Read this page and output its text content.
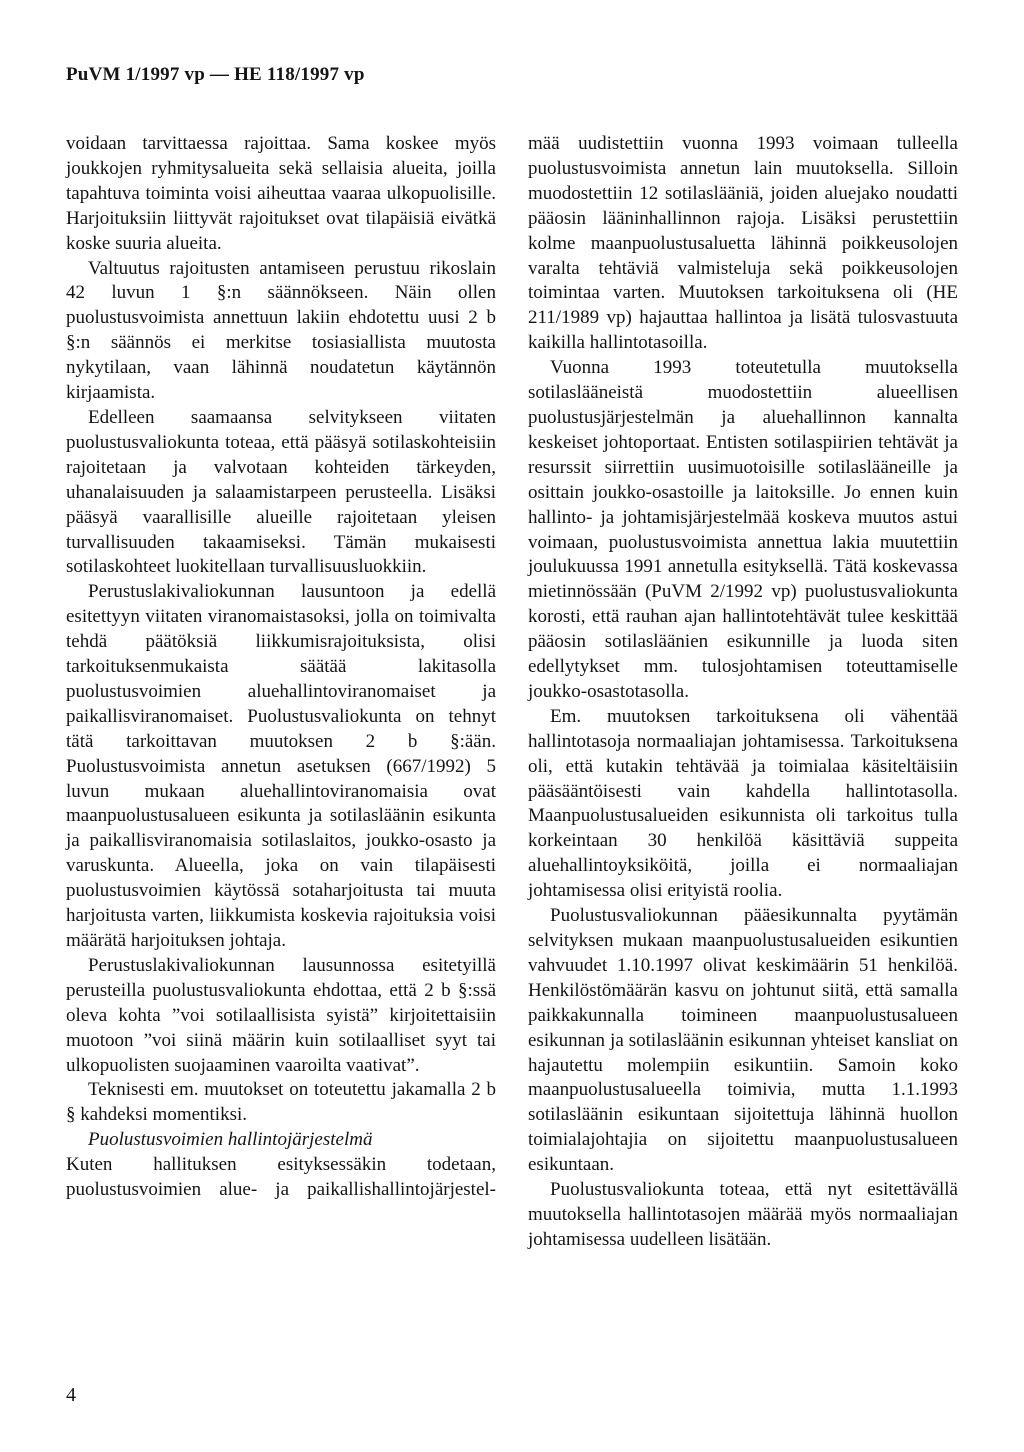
PuVM 1/1997 vp — HE 118/1997 vp

voidaan tarvittaessa rajoittaa. Sama koskee myös joukkojen ryhmitysalueita sekä sellaisia alueita, joilla tapahtuva toiminta voisi aiheuttaa vaaraa ulkopuolisille. Harjoituksiin liittyvät rajoitukset ovat tilapäisiä eivätkä koske suuria alueita.

Valtuutus rajoitusten antamiseen perustuu rikoslain 42 luvun 1 §:n säännökseen. Näin ollen puolustusvoimista annettuun lakiin ehdotettu uusi 2 b §:n säännös ei merkitse tosiasiallista muutosta nykytilaan, vaan lähinnä noudatetun käytännön kirjaamista.

Edelleen saamaansa selvitykseen viitaten puolustusvaliokunta toteaa, että pääsyä sotilaskohteisiin rajoitetaan ja valvotaan kohteiden tärkeyden, uhanalaisuuden ja salaamistarpeen perusteella. Lisäksi pääsyä vaarallisille alueille rajoitetaan yleisen turvallisuuden takaamiseksi. Tämän mukaisesti sotilaskohteet luokitellaan turvallisuusluokkiin.

Perustuslakivaliokunnan lausuntoon ja edellä esitettyyn viitaten viranomaistasoksi, jolla on toimivalta tehdä päätöksiä liikkumisrajoituksista, olisi tarkoituksenmukaista säätää lakitasolla puolustusvoimien aluehallintoviranomaiset ja paikallisviranomaiset. Puolustusvaliokunta on tehnyt tätä tarkoittavan muutoksen 2 b §:ään. Puolustusvoimista annetun asetuksen (667/1992) 5 luvun mukaan aluehallintoviranomaisia ovat maanpuolustusalueen esikunta ja sotilasläänin esikunta ja paikallisviranomaisia sotilaslaitos, joukko-osasto ja varuskunta. Alueella, joka on vain tilapäisesti puolustusvoimien käytössä sotaharjoitusta tai muuta harjoitusta varten, liikkumista koskevia rajoituksia voisi määrätä harjoituksen johtaja.

Perustuslakivaliokunnan lausunnossa esitetyillä perusteilla puolustusvaliokunta ehdottaa, että 2 b §:ssä oleva kohta ”voi sotilaallisista syistä” kirjoitettaisiin muotoon ”voi siinä määrin kuin sotilaalliset syyt tai ulkopuolisten suojaaminen vaaroilta vaativat”.

Teknisesti em. muutokset on toteutettu jakamalla 2 b § kahdeksi momentiksi.

Puolustusvoimien hallintojärjestelmä

Kuten hallituksen esityksessäkin todetaan, puolustusvoimien alue- ja paikallishallintojärjestel-

mää uudistettiin vuonna 1993 voimaan tulleella puolustusvoimista annetun lain muutoksella. Silloin muodostettiin 12 sotilaslääniä, joiden aluejako noudatti pääosin lääninhallinnon rajoja. Lisäksi perustettiin kolme maanpuolustusaluetta lähinnä poikkeusolojen varalta tehtäviä valmisteluja sekä poikkeusolojen toimintaa varten. Muutoksen tarkoituksena oli (HE 211/1989 vp) hajauttaa hallintoa ja lisätä tulosvastuuta kaikilla hallintotasoilla.

Vuonna 1993 toteutetulla muutoksella sotilaslääneistä muodostettiin alueellisen puolustusjärjestelmän ja aluehallinnon kannalta keskeiset johtoportaat. Entisten sotilaspiirien tehtävät ja resurssit siirrettiin uusimuotoisille sotilaslääneille ja osittain joukko-osastoille ja laitoksille. Jo ennen kuin hallinto- ja johtamisjärjestelmää koskeva muutos astui voimaan, puolustusvoimista annettua lakia muutettiin joulukuussa 1991 annetulla esityksellä. Tätä koskevassa mietinnössään (PuVM 2/1992 vp) puolustusvaliokunta korosti, että rauhan ajan hallintotehtävät tulee keskittää pääosin sotilasläänien esikunnille ja luoda siten edellytykset mm. tulosjohtamisen toteuttamiselle joukko-osastotasolla.

Em. muutoksen tarkoituksena oli vähentää hallintotasoja normaaliajan johtamisessa. Tarkoituksena oli, että kutakin tehtävää ja toimialaa käsiteltäisiin pääsääntöisesti vain kahdella hallintotasolla. Maanpuolustusalueiden esikunnista oli tarkoitus tulla korkeintaan 30 henkilöä käsittäviä suppeita aluehallintoyksiköitä, joilla ei normaaliajan johtamisessa olisi erityistä roolia.

Puolustusvaliokunnan pääesikunnalta pyytämän selvityksen mukaan maanpuolustusalueiden esikuntien vahvuudet 1.10.1997 olivat keskimäärin 51 henkilöä. Henkilöstömäärän kasvu on johtunut siitä, että samalla paikkakunnalla toimineen maanpuolustusalueen esikunnan ja sotilasläänin esikunnan yhteiset kansliat on hajautettu molempiin esikuntiin. Samoin koko maanpuolustusalueella toimivia, mutta 1.1.1993 sotilasläänin esikuntaan sijoitettuja lähinnä huollon toimialajohtajia on sijoitettu maanpuolustusalueen esikuntaan.

Puolustusvaliokunta toteaa, että nyt esitettävällä muutoksella hallintotasojen määrää myös normaaliajan johtamisessa uudelleen lisätään.

4
